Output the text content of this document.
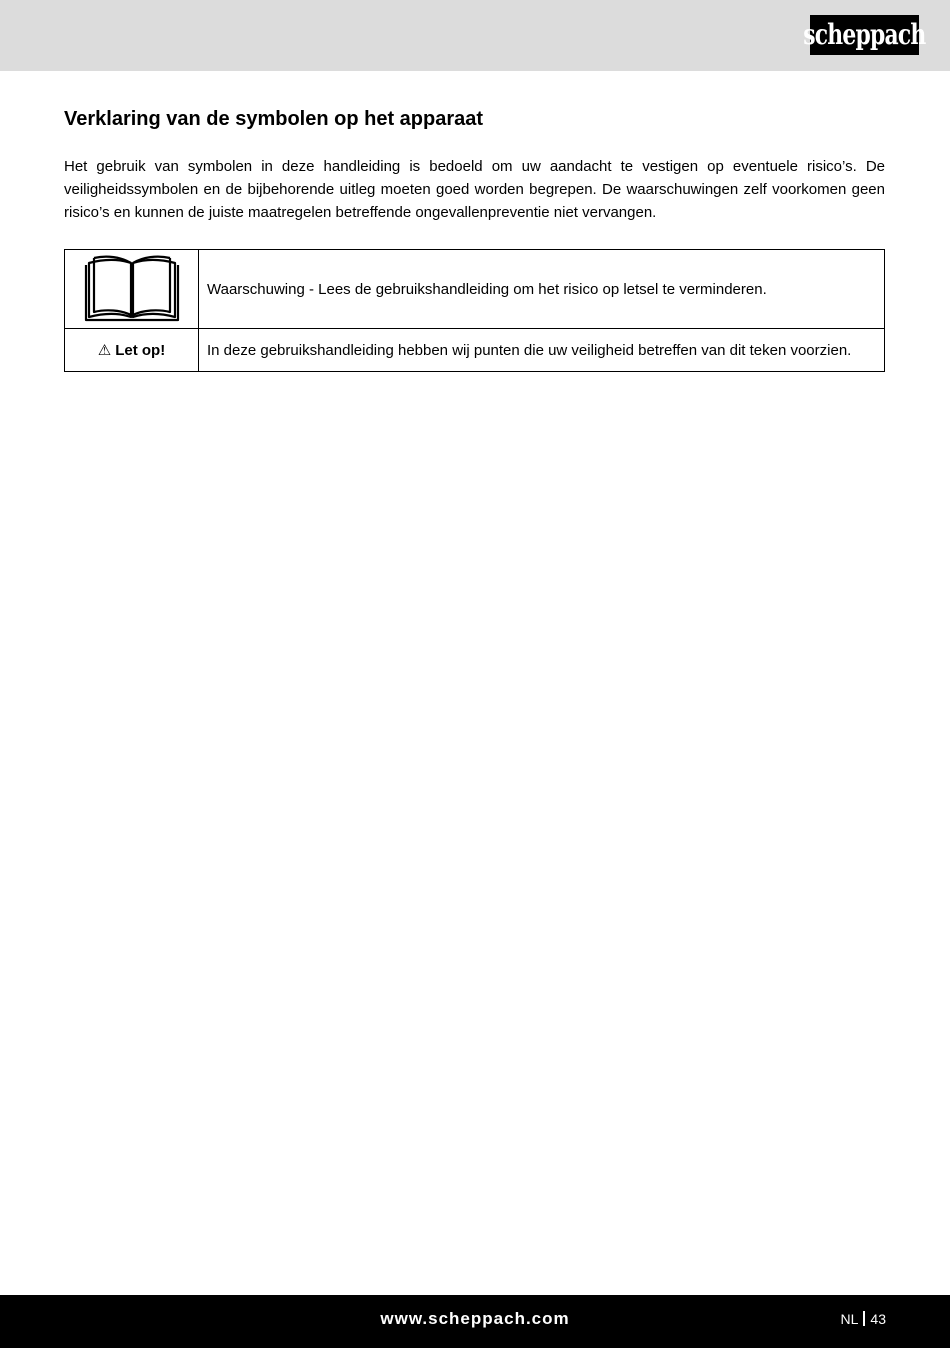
scheppach
Verklaring van de symbolen op het apparaat

Het gebruik van symbolen in deze handleiding is bedoeld om uw aandacht te vestigen op eventuele risico’s. De veiligheidssymbolen en de bijbehorende uitleg moeten goed worden begrepen. De waarschuwingen zelf voorkomen geen risico’s en kunnen de juiste maatregelen betreffende ongevallenpreventie niet vervangen.

	Waarschuwing - Lees de gebruikshandleiding om het risico op letsel te verminderen.
⚠ Let op!	In deze gebruikshandleiding hebben wij punten die uw veiligheid betreffen van dit teken voorzien.
www.scheppach.com	NL 43
